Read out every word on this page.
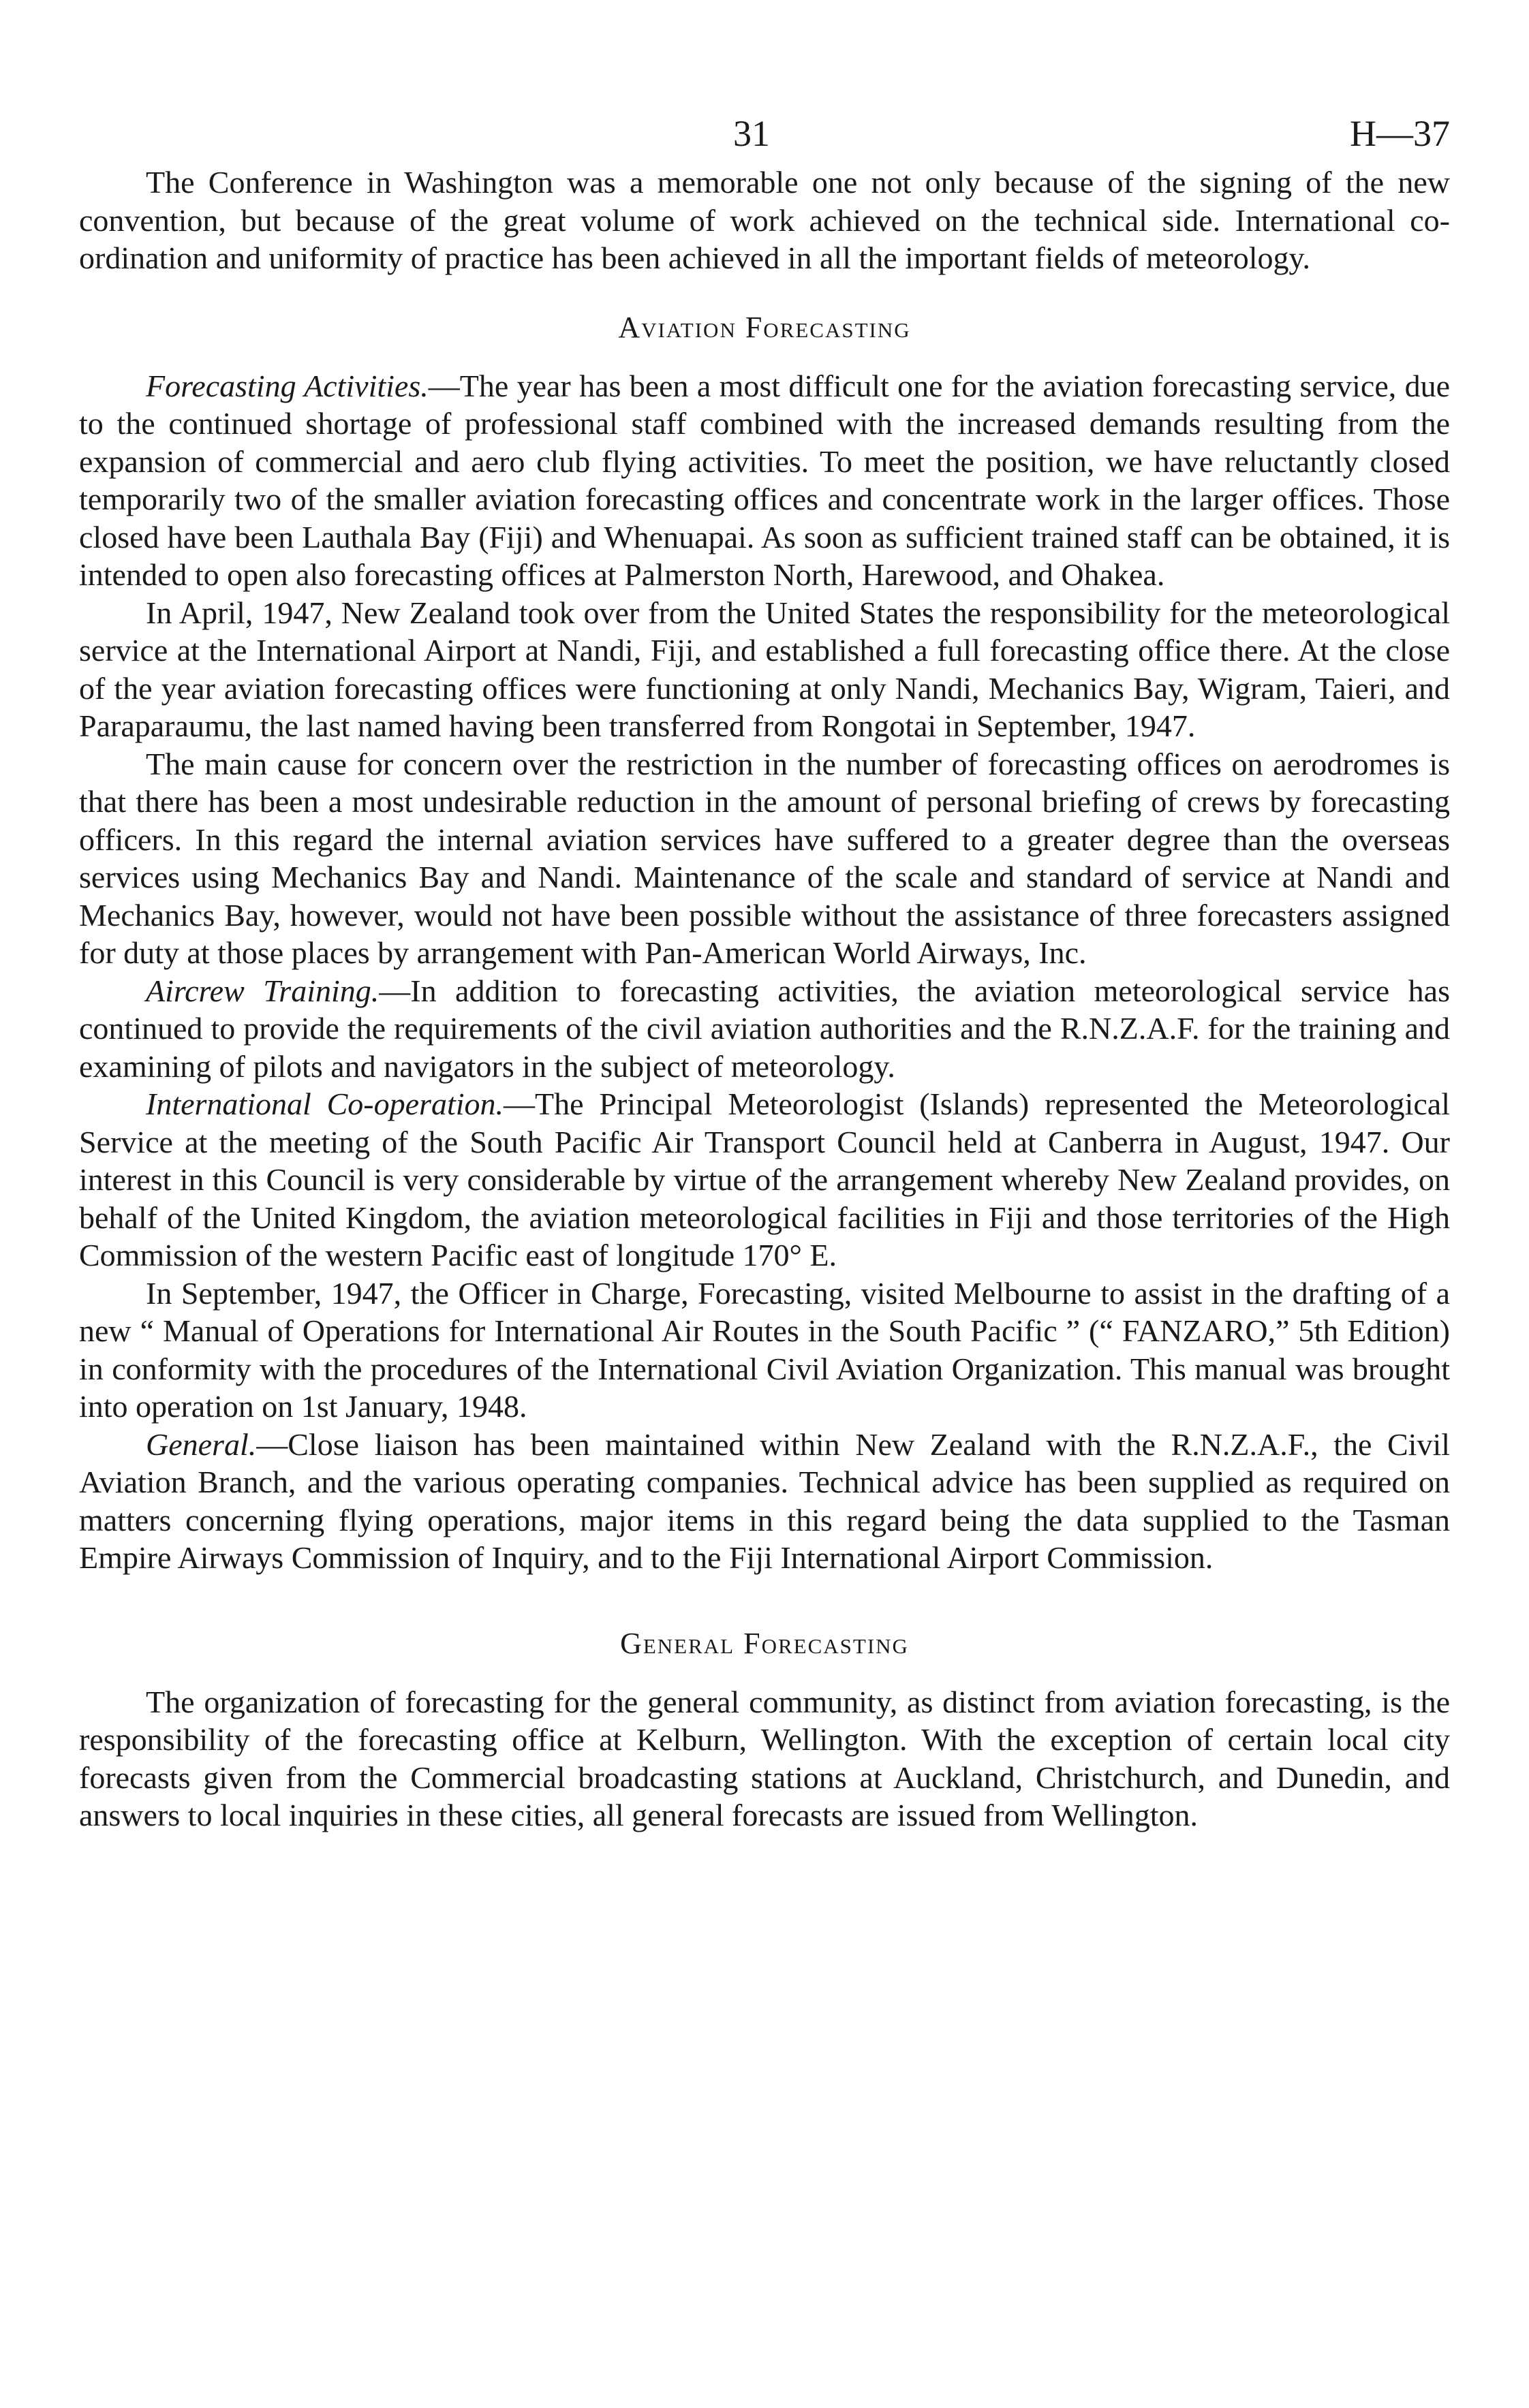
31	H—37

The Conference in Washington was a memorable one not only because of the signing of the new convention, but because of the great volume of work achieved on the technical side. International co-ordination and uniformity of practice has been achieved in all the important fields of meteorology.

Aviation Forecasting

Forecasting Activities.—The year has been a most difficult one for the aviation forecasting service, due to the continued shortage of professional staff combined with the increased demands resulting from the expansion of commercial and aero club flying activities. To meet the position, we have reluctantly closed temporarily two of the smaller aviation forecasting offices and concentrate work in the larger offices. Those closed have been Lauthala Bay (Fiji) and Whenuapai. As soon as sufficient trained staff can be obtained, it is intended to open also forecasting offices at Palmerston North, Harewood, and Ohakea.

In April, 1947, New Zealand took over from the United States the responsibility for the meteorological service at the International Airport at Nandi, Fiji, and established a full forecasting office there. At the close of the year aviation forecasting offices were functioning at only Nandi, Mechanics Bay, Wigram, Taieri, and Paraparaumu, the last named having been transferred from Rongotai in September, 1947.

The main cause for concern over the restriction in the number of forecasting offices on aerodromes is that there has been a most undesirable reduction in the amount of personal briefing of crews by forecasting officers. In this regard the internal aviation services have suffered to a greater degree than the overseas services using Mechanics Bay and Nandi. Maintenance of the scale and standard of service at Nandi and Mechanics Bay, however, would not have been possible without the assistance of three forecasters assigned for duty at those places by arrangement with Pan-American World Airways, Inc.

Aircrew Training.—In addition to forecasting activities, the aviation meteorological service has continued to provide the requirements of the civil aviation authorities and the R.N.Z.A.F. for the training and examining of pilots and navigators in the subject of meteorology.

International Co-operation.—The Principal Meteorologist (Islands) represented the Meteorological Service at the meeting of the South Pacific Air Transport Council held at Canberra in August, 1947. Our interest in this Council is very considerable by virtue of the arrangement whereby New Zealand provides, on behalf of the United Kingdom, the aviation meteorological facilities in Fiji and those territories of the High Commission of the western Pacific east of longitude 170° E.

In September, 1947, the Officer in Charge, Forecasting, visited Melbourne to assist in the drafting of a new “ Manual of Operations for International Air Routes in the South Pacific ” (“ FANZARO,” 5th Edition) in conformity with the procedures of the International Civil Aviation Organization. This manual was brought into operation on 1st January, 1948.

General.—Close liaison has been maintained within New Zealand with the R.N.Z.A.F., the Civil Aviation Branch, and the various operating companies. Technical advice has been supplied as required on matters concerning flying operations, major items in this regard being the data supplied to the Tasman Empire Airways Commission of Inquiry, and to the Fiji International Airport Commission.

General Forecasting

The organization of forecasting for the general community, as distinct from aviation forecasting, is the responsibility of the forecasting office at Kelburn, Wellington. With the exception of certain local city forecasts given from the Commercial broadcasting stations at Auckland, Christchurch, and Dunedin, and answers to local inquiries in these cities, all general forecasts are issued from Wellington.
